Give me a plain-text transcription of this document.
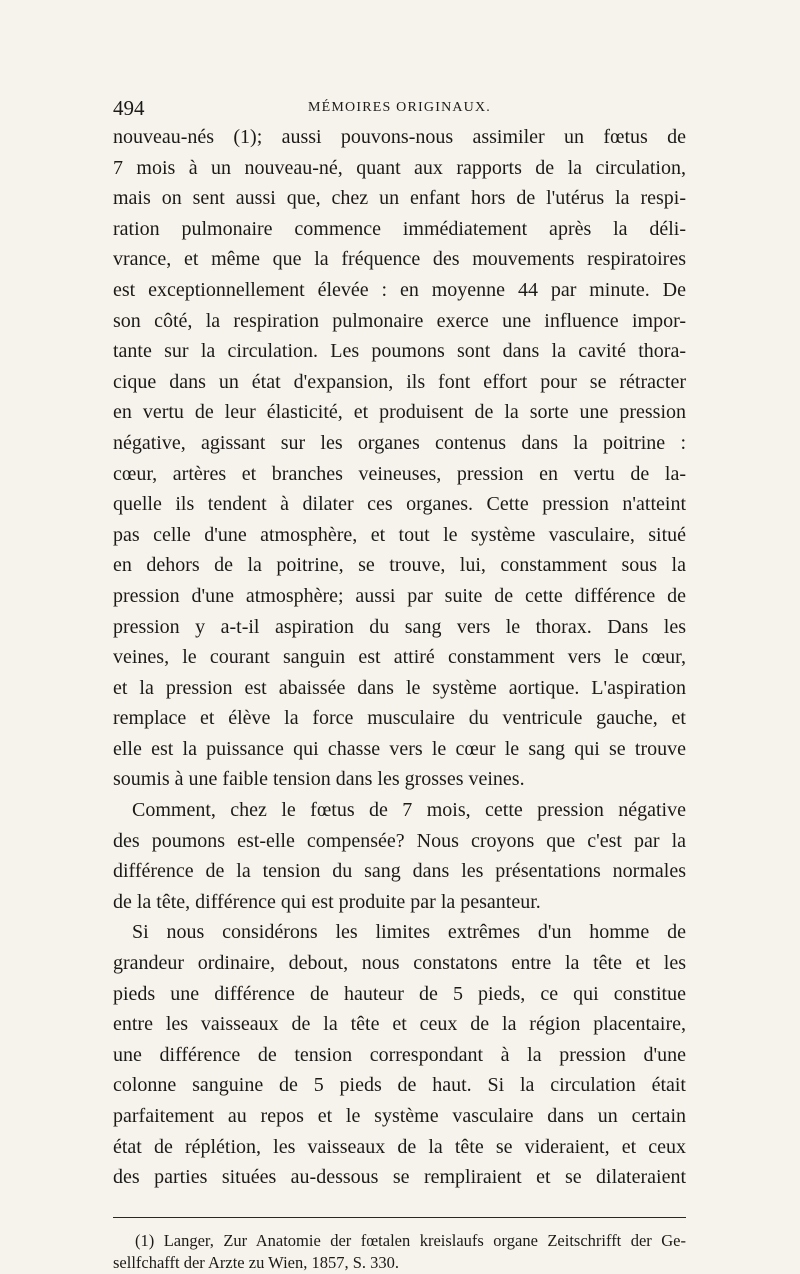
494	MÉMOIRES ORIGINAUX.
nouveau-nés (1); aussi pouvons-nous assimiler un fœtus de
7 mois à un nouveau-né, quant aux rapports de la circulation,
mais on sent aussi que, chez un enfant hors de l'utérus la respi-
ration pulmonaire commence immédiatement après la déli-
vrance, et même que la fréquence des mouvements respiratoires
est exceptionnellement élevée : en moyenne 44 par minute. De
son côté, la respiration pulmonaire exerce une influence impor-
tante sur la circulation. Les poumons sont dans la cavité thora-
cique dans un état d'expansion, ils font effort pour se rétracter
en vertu de leur élasticité, et produisent de la sorte une pression
négative, agissant sur les organes contenus dans la poitrine :
cœur, artères et branches veineuses, pression en vertu de la-
quelle ils tendent à dilater ces organes. Cette pression n'atteint
pas celle d'une atmosphère, et tout le système vasculaire, situé
en dehors de la poitrine, se trouve, lui, constamment sous la
pression d'une atmosphère; aussi par suite de cette différence de
pression y a-t-il aspiration du sang vers le thorax. Dans les
veines, le courant sanguin est attiré constamment vers le cœur,
et la pression est abaissée dans le système aortique. L'aspiration
remplace et élève la force musculaire du ventricule gauche, et
elle est la puissance qui chasse vers le cœur le sang qui se trouve
soumis à une faible tension dans les grosses veines.
Comment, chez le fœtus de 7 mois, cette pression négative
des poumons est-elle compensée? Nous croyons que c'est par la
différence de la tension du sang dans les présentations normales
de la tête, différence qui est produite par la pesanteur.
Si nous considérons les limites extrêmes d'un homme de
grandeur ordinaire, debout, nous constatons entre la tête et les
pieds une différence de hauteur de 5 pieds, ce qui constitue
entre les vaisseaux de la tête et ceux de la région placentaire,
une différence de tension correspondant à la pression d'une
colonne sanguine de 5 pieds de haut. Si la circulation était
parfaitement au repos et le système vasculaire dans un certain
état de réplétion, les vaisseaux de la tête se videraient, et ceux
des parties situées au-dessous se rempliraient et se dilateraient
(1) Langer, Zur Anatomie der fœtalen kreislaufs organe Zeitschrifft der Ge-
sellfchafft der Arzte zu Wien, 1857, S. 330.
